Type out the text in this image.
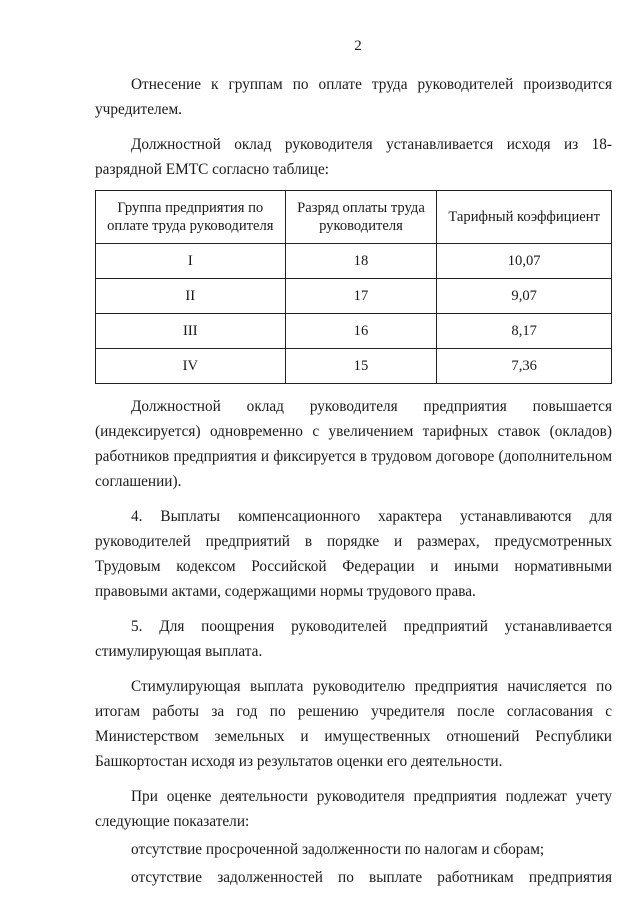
2

Отнесение к группам по оплате труда руководителей производится учредителем.

Должностной оклад руководителя устанавливается исходя из 18-разрядной ЕМТС согласно таблице:

Группа предприятия по оплате труда руководителя	Разряд оплаты труда руководителя	Тарифный коэффициент
I	18	10,07
II	17	9,07
III	16	8,17
IV	15	7,36

Должностной оклад руководителя предприятия повышается (индексируется) одновременно с увеличением тарифных ставок (окладов) работников предприятия и фиксируется в трудовом договоре (дополнительном соглашении).

4. Выплаты компенсационного характера устанавливаются для руководителей предприятий в порядке и размерах, предусмотренных Трудовым кодексом Российской Федерации и иными нормативными правовыми актами, содержащими нормы трудового права.

5. Для поощрения руководителей предприятий устанавливается стимулирующая выплата.

Стимулирующая выплата руководителю предприятия начисляется по итогам работы за год по решению учредителя после согласования с Министерством земельных и имущественных отношений Республики Башкортостан исходя из результатов оценки его деятельности.

При оценке деятельности руководителя предприятия подлежат учету следующие показатели:

отсутствие просроченной задолженности по налогам и сборам;

отсутствие задолженностей по выплате работникам предприятия
